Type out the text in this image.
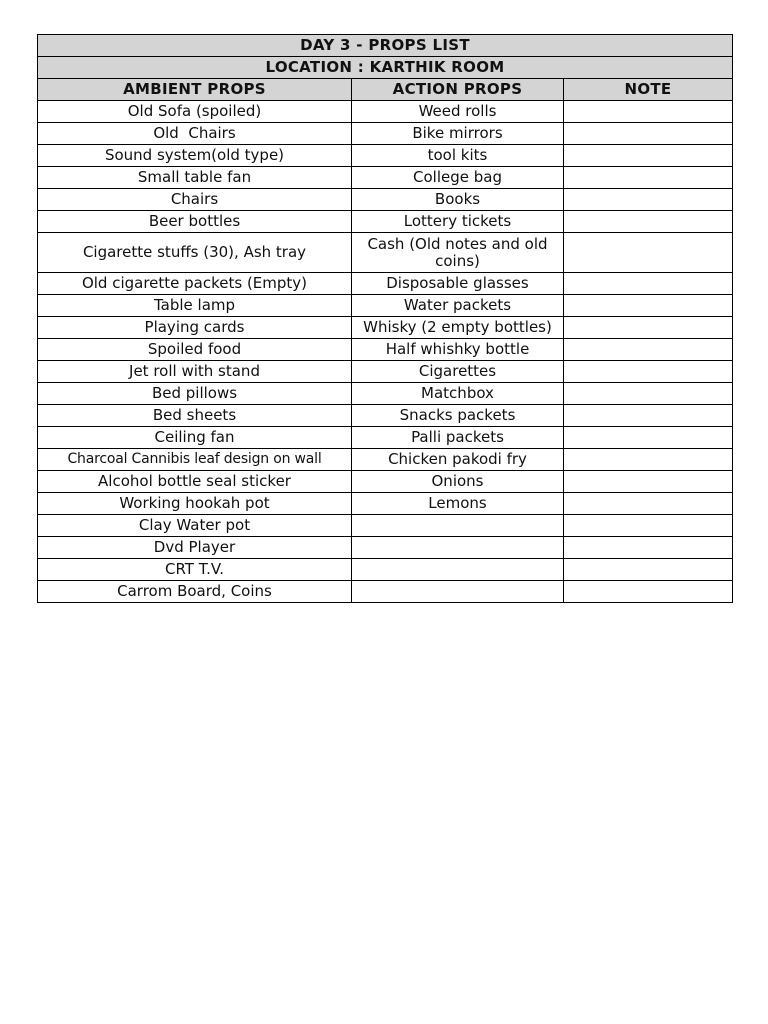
DAY 3 - PROPS LIST		
LOCATION : KARTHIK ROOM		
AMBIENT PROPS	ACTION PROPS	NOTE
Old Sofa (spoiled)	Weed rolls	
Old  Chairs	Bike mirrors	
Sound system(old type)	tool kits	
Small table fan	College bag	
Chairs	Books	
Beer bottles	Lottery tickets	
Cigarette stuffs (30), Ash tray	Cash (Old notes and old coins)	
Old cigarette packets (Empty)	Disposable glasses	
Table lamp	Water packets	
Playing cards	Whisky (2 empty bottles)	
Spoiled food	Half whishky bottle	
Jet roll with stand	Cigarettes	
Bed pillows	Matchbox	
Bed sheets	Snacks packets	
Ceiling fan	Palli packets	
Charcoal Cannibis leaf design on wall	Chicken pakodi fry	
Alcohol bottle seal sticker	Onions	
Working hookah pot	Lemons	
Clay Water pot		
Dvd Player		
CRT T.V.		
Carrom Board, Coins		
